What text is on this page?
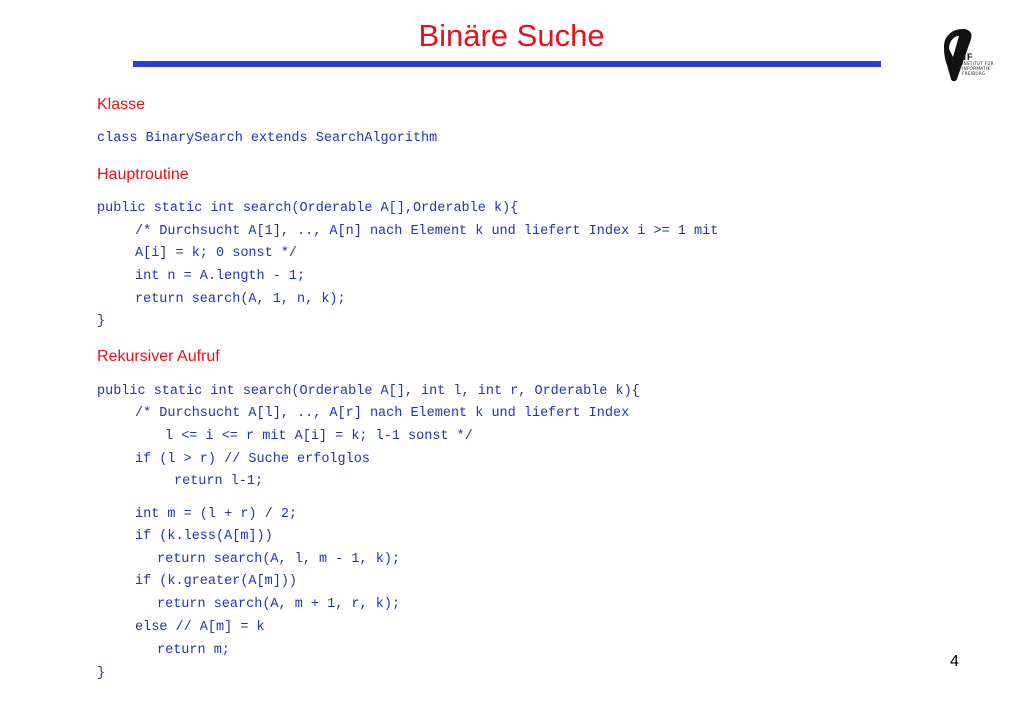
Binäre Suche
IIF
INSTITUT FÜR
INFORMATIK
FREIBURG
Klasse
class BinarySearch extends SearchAlgorithm
Hauptroutine
public static int search(Orderable A[],Orderable k){
/* Durchsucht A[1], .., A[n] nach Element k und liefert Index i >= 1 mit
A[i] = k; 0 sonst */
int n = A.length - 1;
return search(A, 1, n, k);
}
Rekursiver Aufruf
public static int search(Orderable A[], int l, int r, Orderable k){
/* Durchsucht A[l], .., A[r] nach Element k und liefert Index
l <= i <= r mit A[i] = k; l-1 sonst */
if (l > r) // Suche erfolglos
return l-1;
int m = (l + r) / 2;
if (k.less(A[m]))
return search(A, l, m - 1, k);
if (k.greater(A[m]))
return search(A, m + 1, r, k);
else // A[m] = k
return m;
}
4
